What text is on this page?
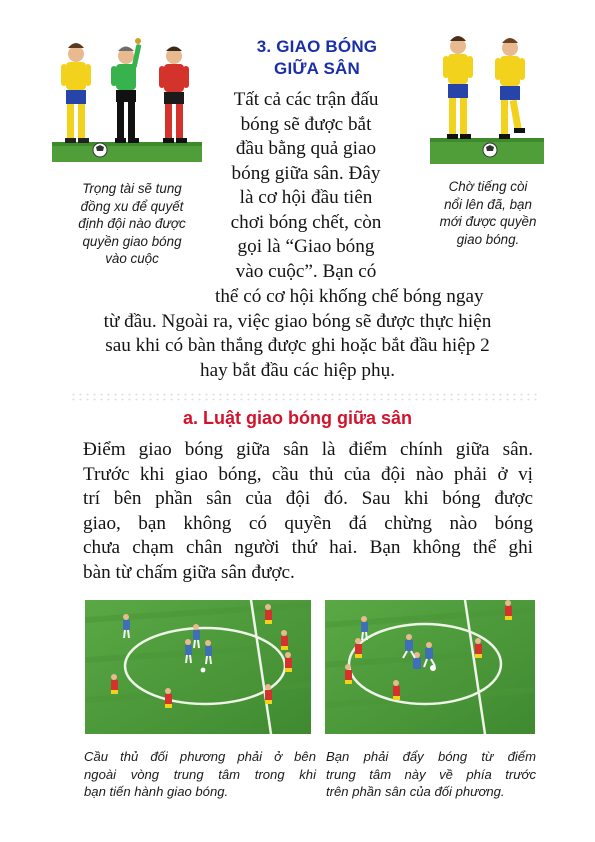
3. GIAO BÓNG
GIỮA SÂN
Tất cả các trận đấu
bóng sẽ được bắt
đầu bằng quả giao
bóng giữa sân. Đây
là cơ hội đầu tiên
chơi bóng chết, còn
gọi là “Giao bóng
vào cuộc”. Bạn có
Trọng tài sẽ tung
đồng xu để quyết
định đội nào được
quyền giao bóng
vào cuộc
Chờ tiếng còi
nổi lên đã, bạn
mới được quyền
giao bóng.
thể có cơ hội khống chế bóng ngay
từ đầu. Ngoài ra, việc giao bóng sẽ được thực hiện
sau khi có bàn thắng được ghi hoặc bắt đầu hiệp 2
hay bắt đầu các hiệp phụ.
a. Luật giao bóng giữa sân
Điểm giao bóng giữa sân là điểm chính giữa sân.
Trước khi giao bóng, cầu thủ của đội nào phải ở vị
trí bên phần sân của đội đó. Sau khi bóng được
giao, bạn không có quyền đá chừng nào bóng
chưa chạm chân người thứ hai. Bạn không thể ghi
bàn từ chấm giữa sân được.
Cầu thủ đối phương phải ở bên
ngoài vòng trung tâm trong khi
bạn tiến hành giao bóng.
Bạn phải đẩy bóng từ điểm
trung tâm này về phía trước
trên phần sân của đối phương.
